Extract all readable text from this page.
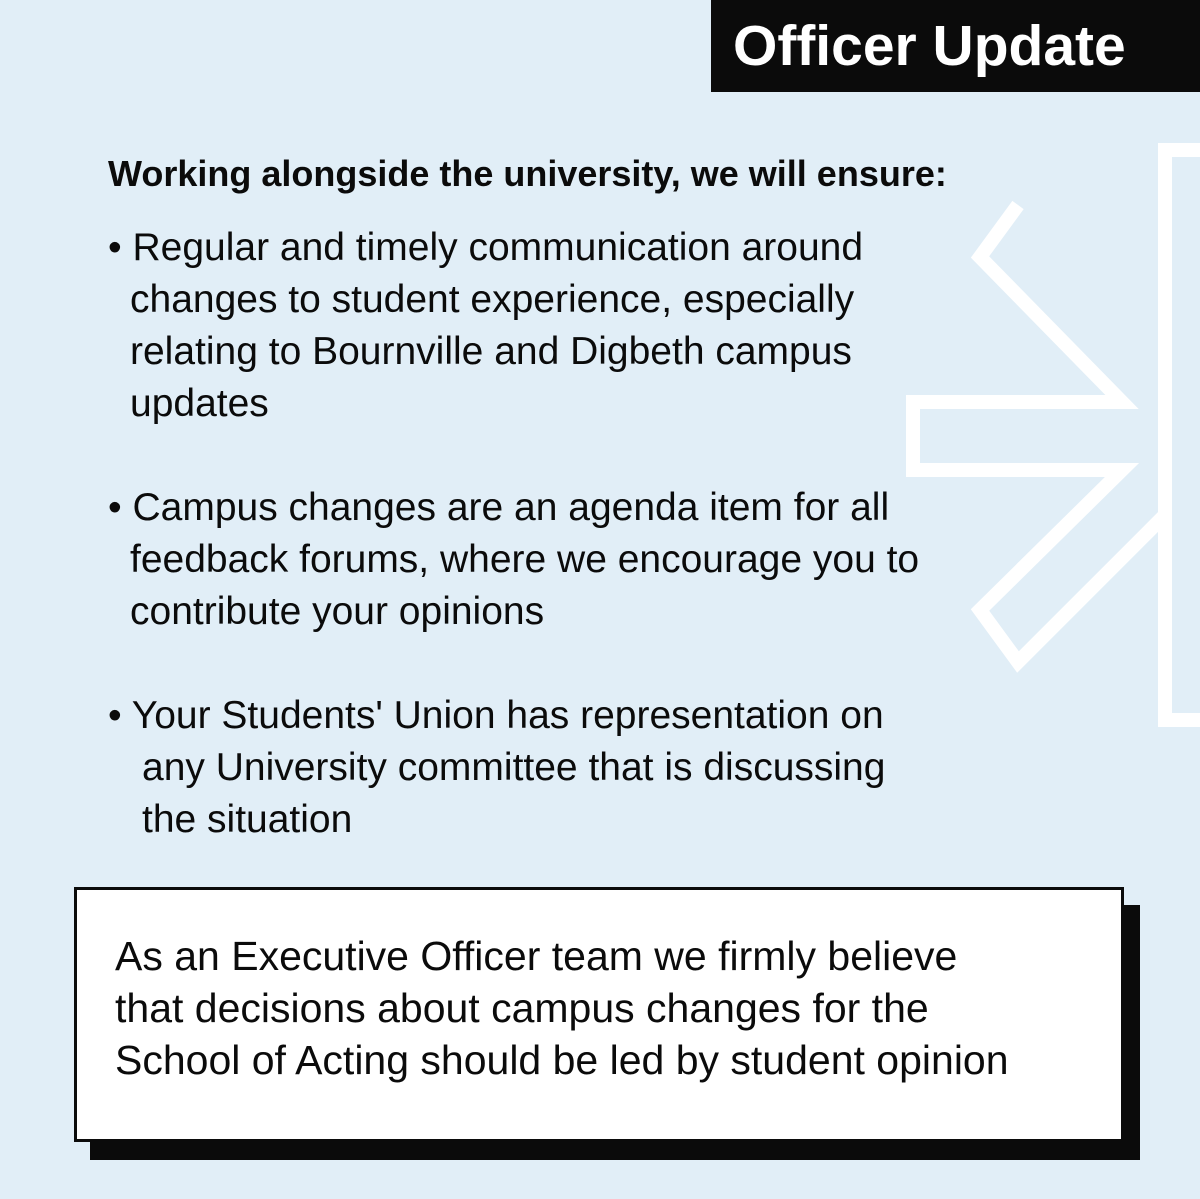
Officer Update
Working alongside the university, we will ensure:
• Regular and timely communication around
changes to student experience, especially
relating to Bournville and Digbeth campus
updates
• Campus changes are an agenda item for all
feedback forums, where we encourage you to
contribute your opinions
• Your Students' Union has representation on
any University committee that is discussing
the situation
As an Executive Officer team we firmly believe
that decisions about campus changes for the
School of Acting should be led by student opinion
